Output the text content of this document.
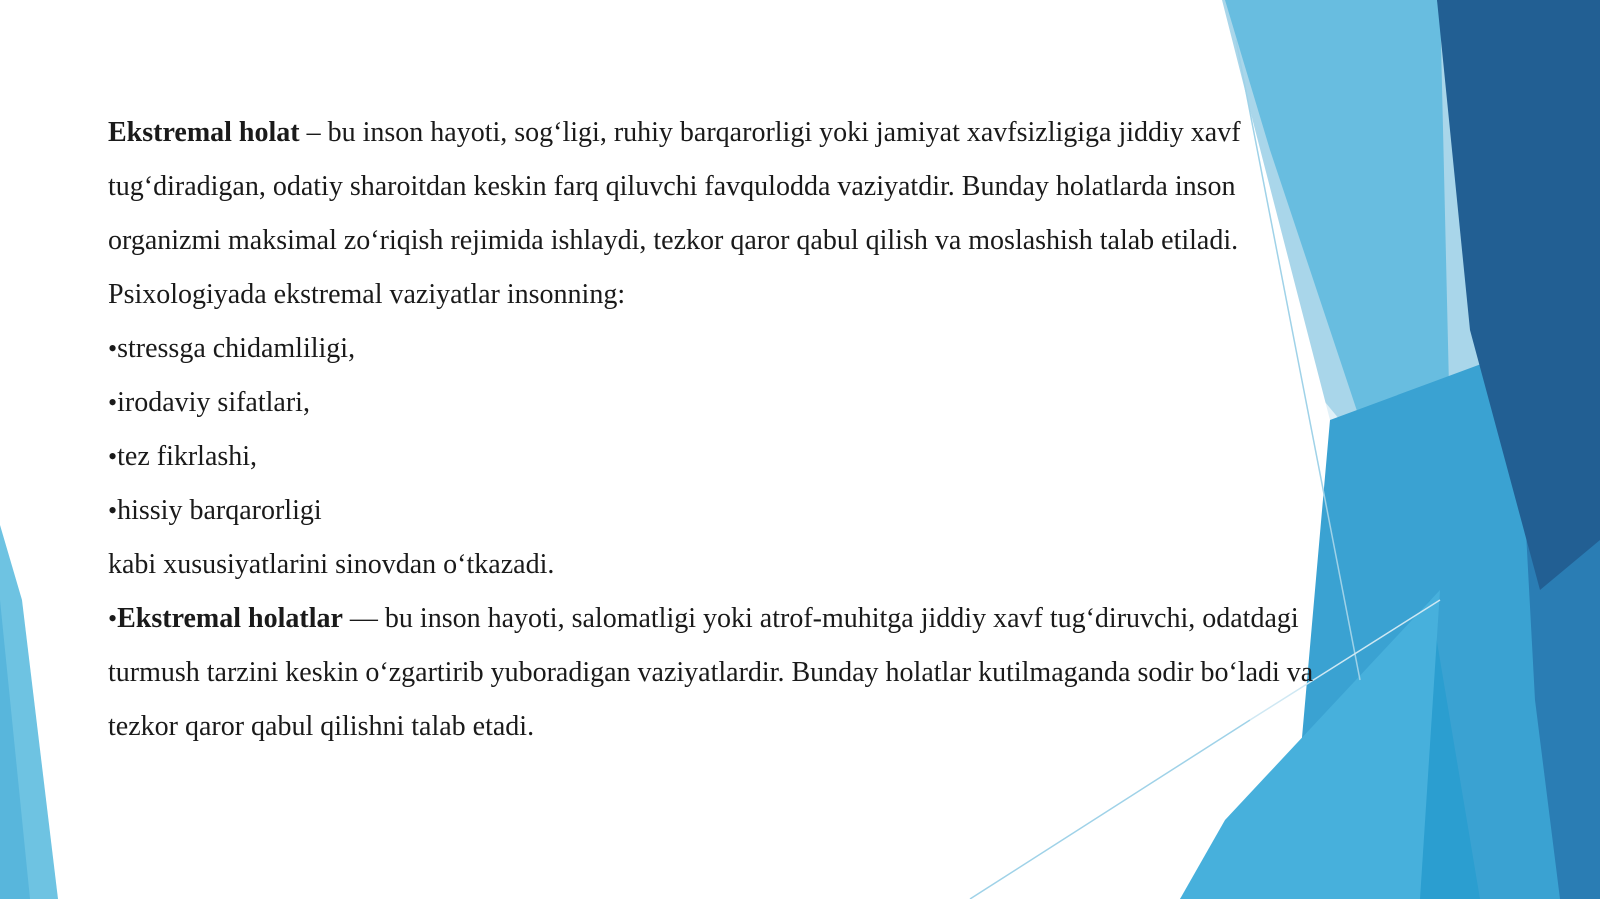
Ekstremal holat – bu inson hayoti, sog‘ligi, ruhiy barqarorligi yoki jamiyat xavfsizligiga jiddiy xavf tug‘diradigan, odatiy sharoitdan keskin farq qiluvchi favqulodda vaziyatdir. Bunday holatlarda inson organizmi maksimal zo‘riqish rejimida ishlaydi, tezkor qaror qabul qilish va moslashish talab etiladi.

Psixologiyada ekstremal vaziyatlar insonning:

•stressga chidamliligi,

•irodaviy sifatlari,

•tez fikrlashi,

•hissiy barqarorligi

kabi xususiyatlarini sinovdan o‘tkazadi.

•Ekstremal holatlar — bu inson hayoti, salomatligi yoki atrof-muhitga jiddiy xavf tug‘diruvchi, odatdagi turmush tarzini keskin o‘zgartirib yuboradigan vaziyatlardir. Bunday holatlar kutilmaganda sodir bo‘ladi va tezkor qaror qabul qilishni talab etadi.
